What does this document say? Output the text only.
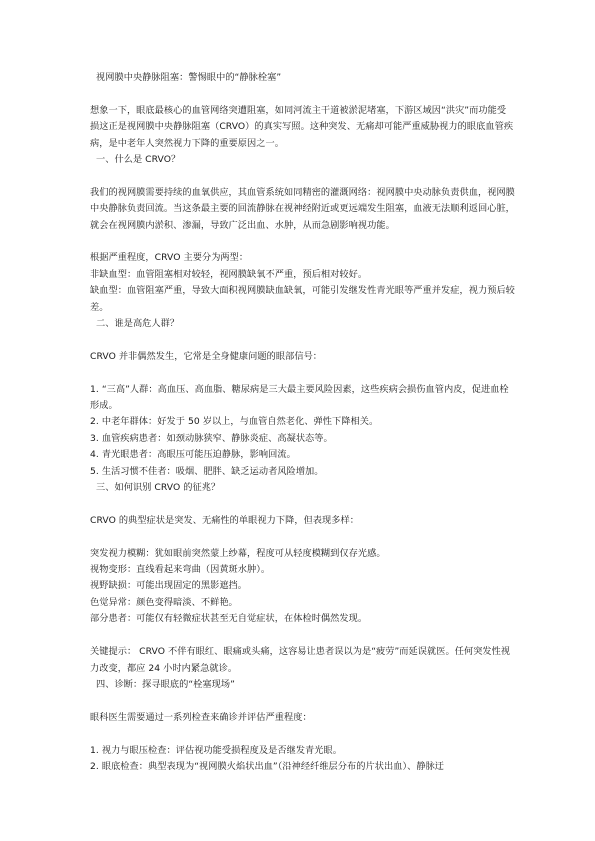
视网膜中央静脉阻塞：警惕眼中的“静脉栓塞”

想象一下，眼底最核心的血管网络突遭阻塞，如同河流主干道被淤泥堵塞，下游区域因“洪灾”而功能受损这正是视网膜中央静脉阻塞（CRVO）的真实写照。这种突发、无痛却可能严重威胁视力的眼底血管疾病，是中老年人突然视力下降的重要原因之一。

一、什么是 CRVO？

我们的视网膜需要持续的血氧供应，其血管系统如同精密的灌溉网络：视网膜中央动脉负责供血，视网膜中央静脉负责回流。当这条最主要的回流静脉在视神经附近或更远端发生阻塞，血液无法顺利返回心脏，就会在视网膜内淤积、渗漏，导致广泛出血、水肿，从而急剧影响视功能。

根据严重程度，CRVO 主要分为两型：

非缺血型：血管阻塞相对较轻，视网膜缺氧不严重，预后相对较好。

缺血型：血管阻塞严重，导致大面积视网膜缺血缺氧，可能引发继发性青光眼等严重并发症，视力预后较差。

二、谁是高危人群？

CRVO 并非偶然发生，它常是全身健康问题的眼部信号：

1. “三高”人群：高血压、高血脂、糖尿病是三大最主要风险因素，这些疾病会损伤血管内皮，促进血栓形成。

2. 中老年群体：好发于 50 岁以上，与血管自然老化、弹性下降相关。

3. 血管疾病患者：如颈动脉狭窄、静脉炎症、高凝状态等。

4. 青光眼患者：高眼压可能压迫静脉，影响回流。

5. 生活习惯不佳者：吸烟、肥胖、缺乏运动者风险增加。

三、如何识别 CRVO 的征兆？

CRVO 的典型症状是突发、无痛性的单眼视力下降，但表现多样：

突发视力模糊：犹如眼前突然蒙上纱幕，程度可从轻度模糊到仅存光感。

视物变形：直线看起来弯曲（因黄斑水肿）。

视野缺损：可能出现固定的黑影遮挡。

色觉异常：颜色变得暗淡、不鲜艳。

部分患者：可能仅有轻微症状甚至无自觉症状，在体检时偶然发现。

关键提示： CRVO 不伴有眼红、眼痛或头痛，这容易让患者误以为是“疲劳”而延误就医。任何突发性视力改变，都应 24 小时内紧急就诊。

四、诊断：探寻眼底的“栓塞现场”

眼科医生需要通过一系列检查来确诊并评估严重程度：

1. 视力与眼压检查：评估视功能受损程度及是否继发青光眼。

2. 眼底检查：典型表现为“视网膜火焰状出血”（沿神经纤维层分布的片状出血）、静脉迂
